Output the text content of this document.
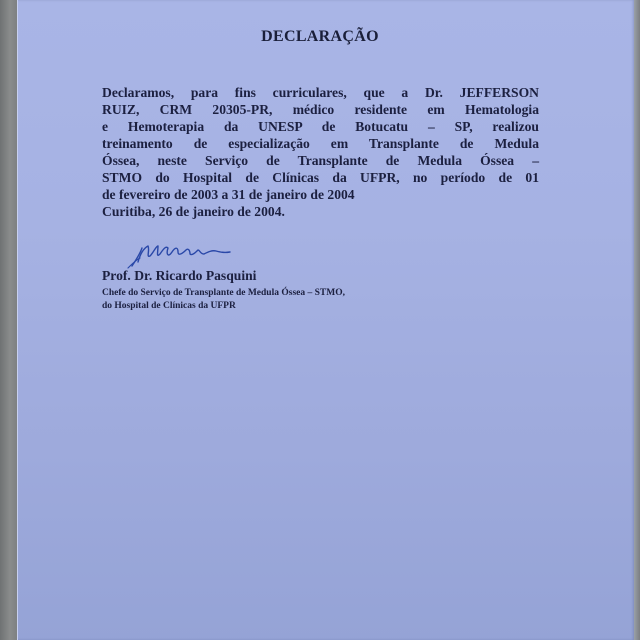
DECLARAÇÃO
Declaramos, para fins curriculares, que a Dr. JEFFERSON
RUIZ, CRM 20305-PR, médico residente em Hematologia
e Hemoterapia da UNESP de Botucatu – SP, realizou
treinamento de especialização em Transplante de Medula
Óssea, neste Serviço de Transplante de Medula Óssea –
STMO do Hospital de Clínicas da UFPR, no período de 01
de fevereiro de 2003 a 31 de janeiro de 2004
Curitiba, 26 de janeiro de 2004.
Prof. Dr. Ricardo Pasquini
Chefe do Serviço de Transplante de Medula Óssea – STMO,
do Hospital de Clínicas da UFPR
